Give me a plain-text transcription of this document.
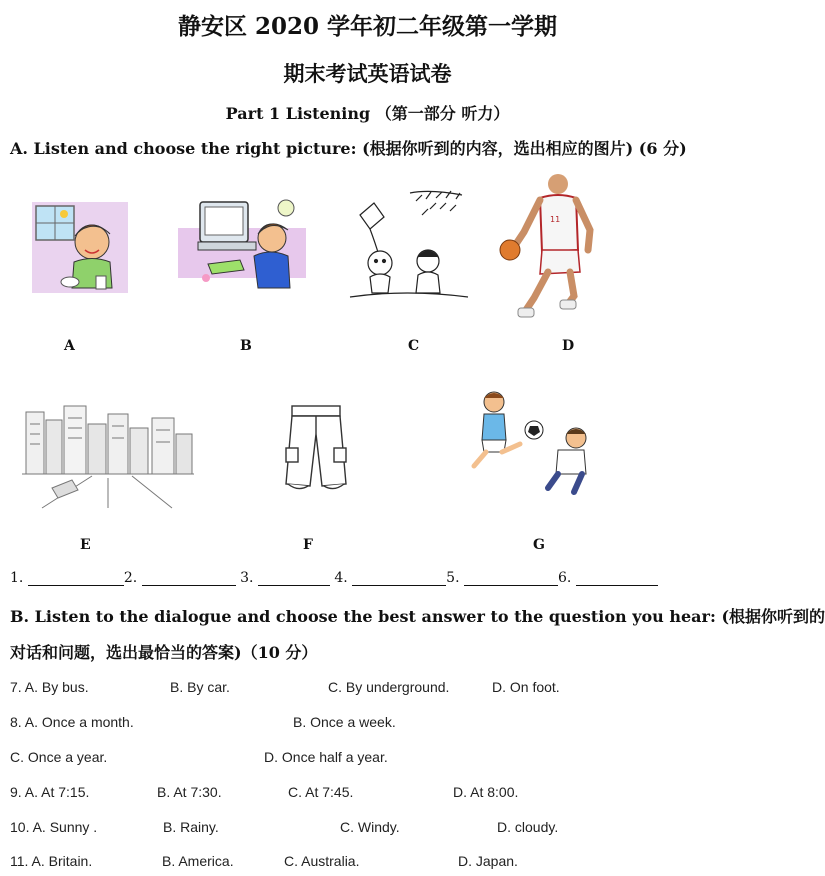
静安区 2020 学年初二年级第一学期
期末考试英语试卷
Part 1 Listening （第一部分 听力）
A. Listen and choose the right picture: (根据你听到的内容，选出相应的图片) (6 分)
11
A	B	C	D
E	F	G
1.	2.	3.	4.	5.	6.
B. Listen to the dialogue and choose the best answer to the question you hear: (根据你听到的
对话和问题，选出最恰当的答案)（10 分）
7. A. By bus.	B. By car.	C. By underground.	D. On foot.
8. A. Once a month.	B. Once a week.
C. Once a year.	D. Once half a year.
9. A. At 7:15.	B. At 7:30.	C. At 7:45.	D. At 8:00.
10. A. Sunny .	B. Rainy.	C. Windy.	D. cloudy.
11. A. Britain.	B. America.	C. Australia.	D. Japan.
